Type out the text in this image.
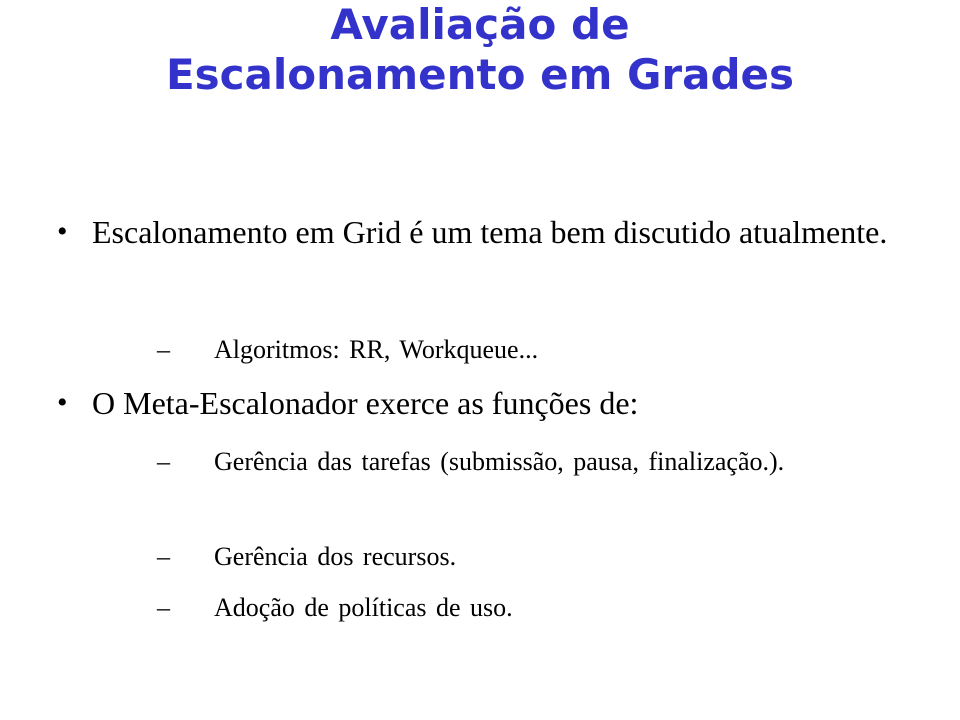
Avaliação de
Escalonamento em Grades
• Escalonamento em Grid é um tema bem discutido atualmente.
– Algoritmos: RR, Workqueue...
• O Meta-Escalonador exerce as funções de:
– Gerência das tarefas (submissão, pausa, finalização.).
– Gerência dos recursos.
– Adoção de políticas de uso.
